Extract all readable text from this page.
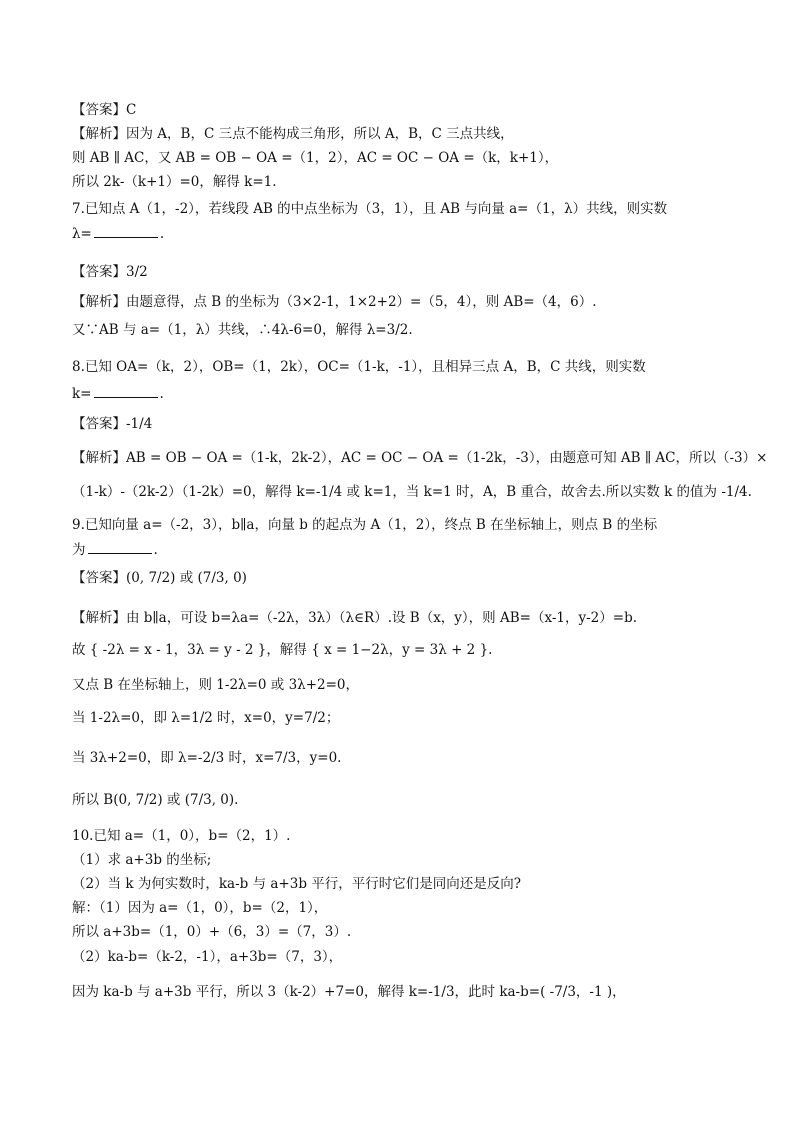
【答案】C
【解析】因为 A，B，C 三点不能构成三角形，所以 A，B，C 三点共线，
则 AB ∥ AC，又 AB = OB − OA =（1，2），AC = OC − OA =（k，k+1），
所以 2k-（k+1）=0，解得 k=1.
7.已知点 A（1，-2），若线段 AB 的中点坐标为（3，1），且 AB 与向量 a=（1，λ）共线，则实数
λ=	.
【答案】3/2
【解析】由题意得，点 B 的坐标为（3×2-1，1×2+2）=（5，4），则 AB=（4，6）.
又∵AB 与 a=（1，λ）共线，∴4λ-6=0，解得 λ=3/2.
8.已知 OA=（k，2），OB=（1，2k），OC=（1-k，-1），且相异三点 A，B，C 共线，则实数
k=	.
【答案】-1/4
【解析】AB = OB − OA =（1-k，2k-2），AC = OC − OA =（1-2k，-3），由题意可知 AB ∥ AC，所以（-3）×
（1-k）-（2k-2）（1-2k）=0，解得 k=-1/4 或 k=1，当 k=1 时，A，B 重合，故舍去.所以实数 k 的值为 -1/4.
9.已知向量 a=（-2，3），b∥a，向量 b 的起点为 A（1，2），终点 B 在坐标轴上，则点 B 的坐标
为	.
【答案】(0, 7/2) 或 (7/3, 0)
【解析】由 b∥a，可设 b=λa=（-2λ，3λ）（λ∈R）.设 B（x，y），则 AB=（x-1，y-2）=b.
故 { -2λ = x - 1，3λ = y - 2 }，解得 { x = 1−2λ，y = 3λ + 2 }.
又点 B 在坐标轴上，则 1-2λ=0 或 3λ+2=0，
当 1-2λ=0，即 λ=1/2 时，x=0，y=7/2；
当 3λ+2=0，即 λ=-2/3 时，x=7/3，y=0.
所以 B(0, 7/2) 或 (7/3, 0).
10.已知 a=（1，0），b=（2，1）.
（1）求 a+3b 的坐标;
（2）当 k 为何实数时，ka-b 与 a+3b 平行，平行时它们是同向还是反向?
解：（1）因为 a=（1，0），b=（2，1），
所以 a+3b=（1，0）+（6，3）=（7，3）.
（2）ka-b=（k-2，-1），a+3b=（7，3），
因为 ka-b 与 a+3b 平行，所以 3（k-2）+7=0，解得 k=-1/3，此时 ka-b=( -7/3，-1 )，
